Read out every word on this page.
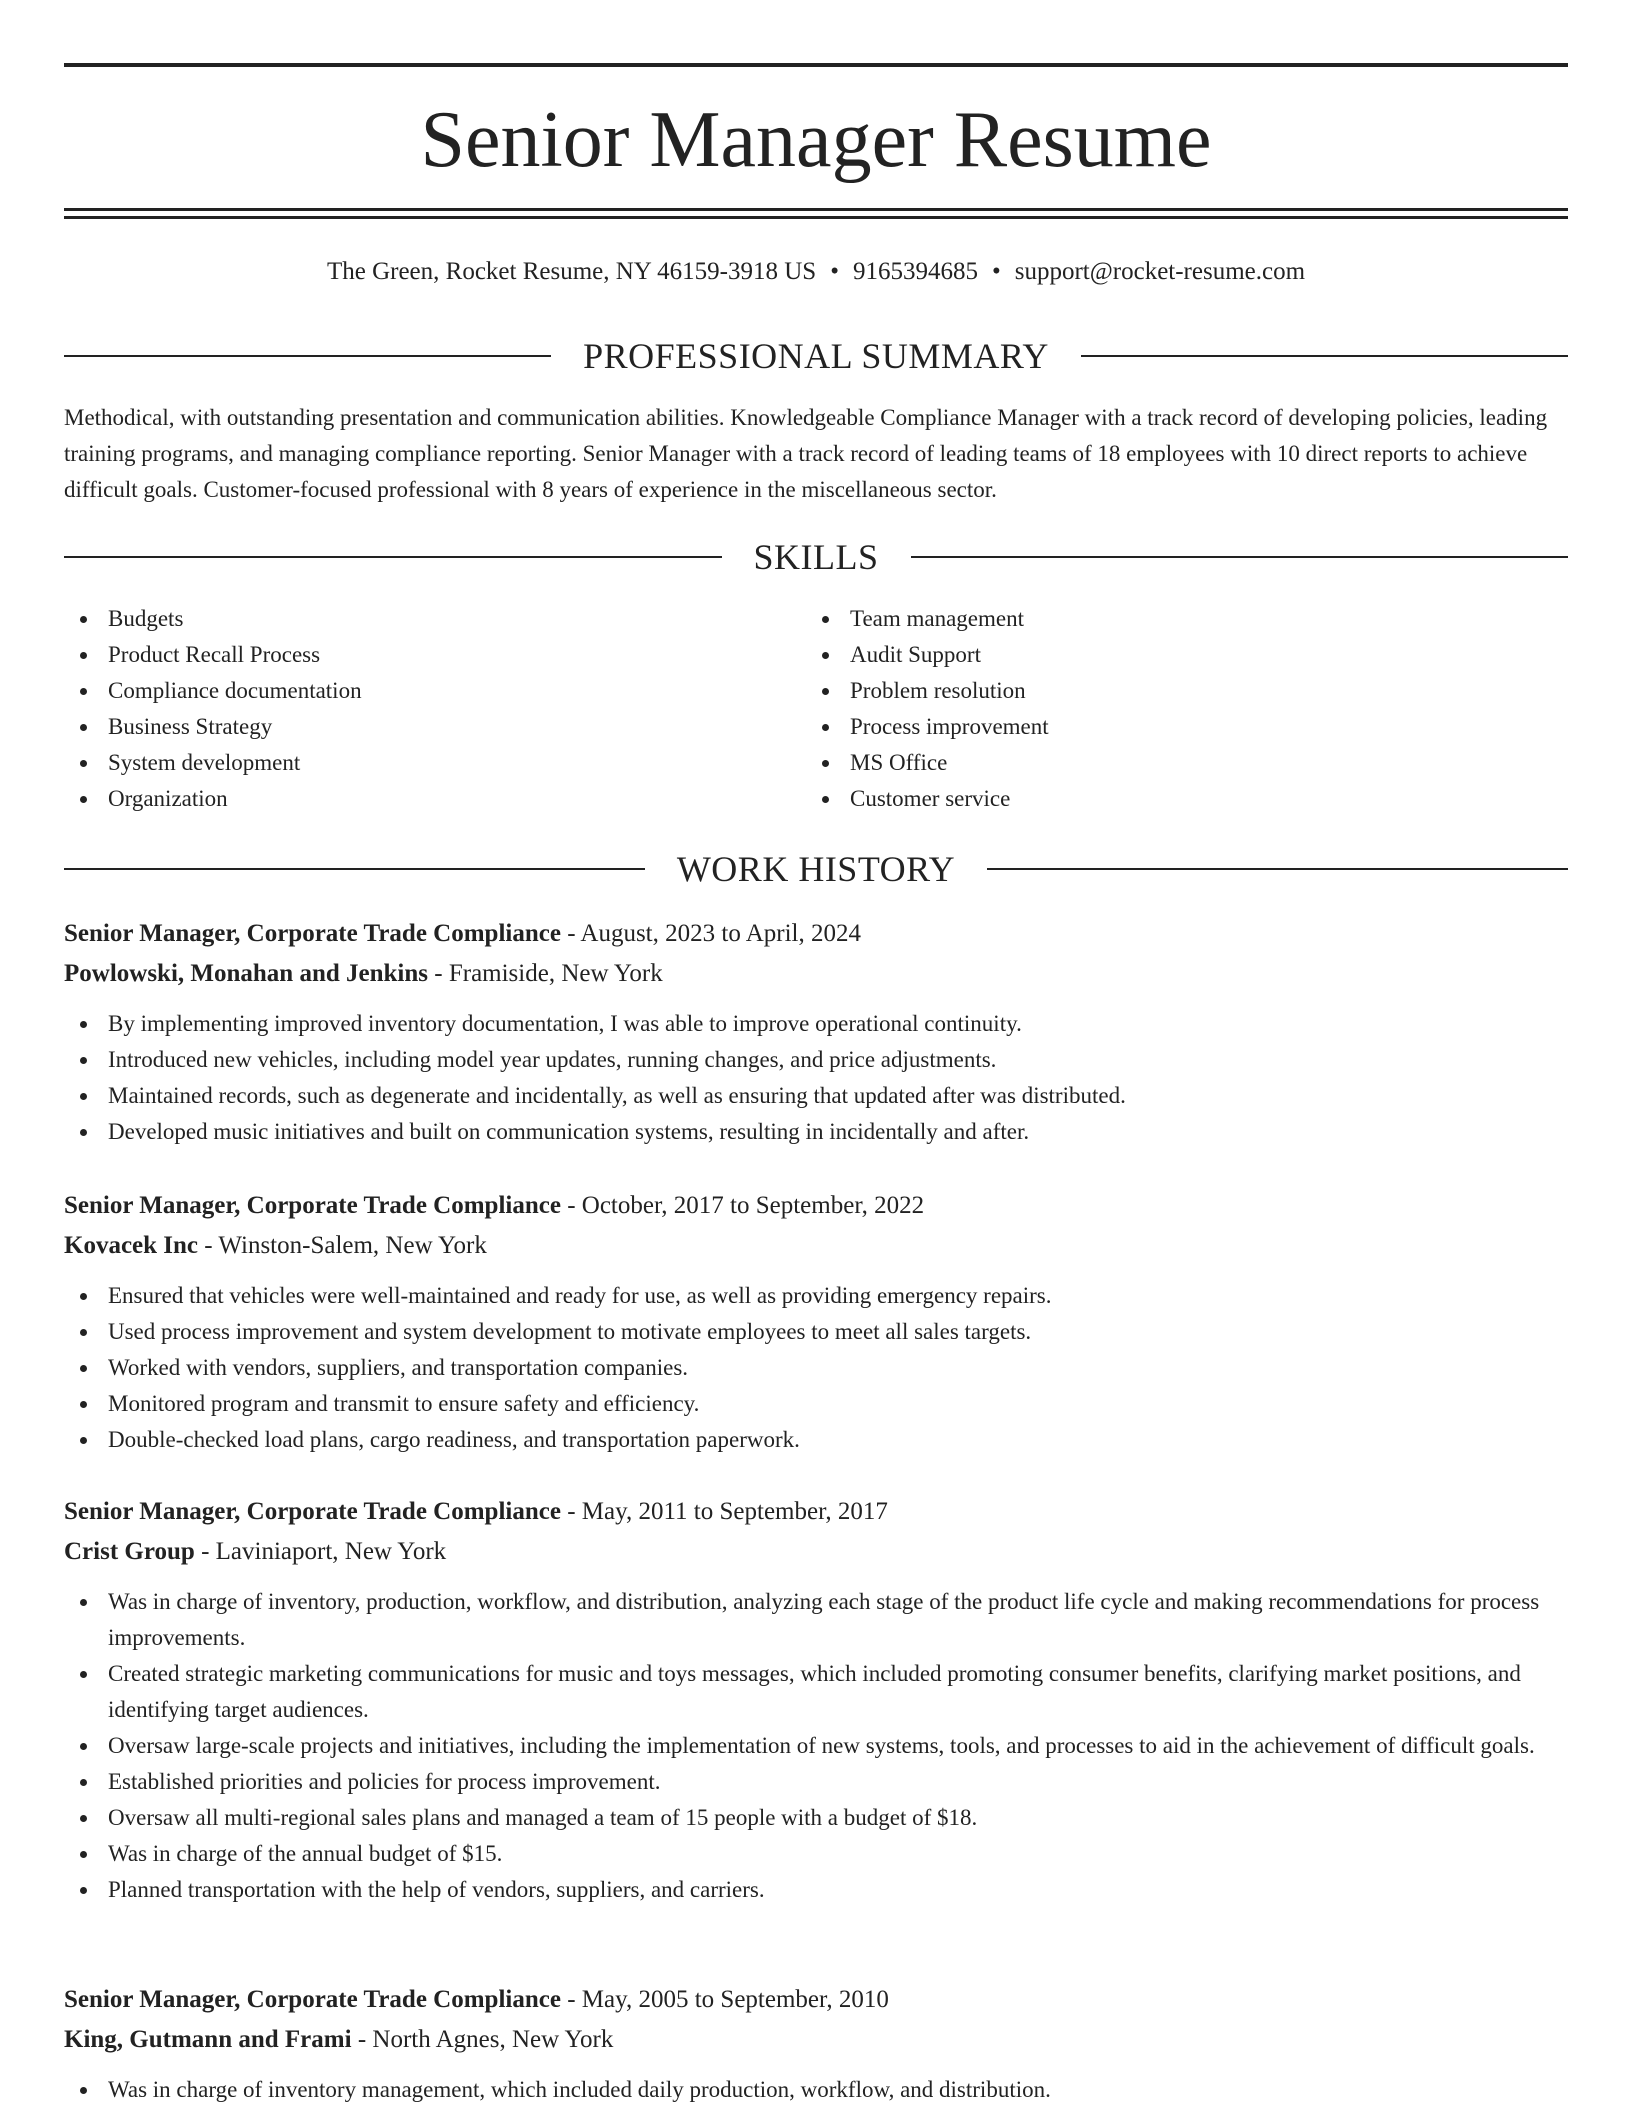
Senior Manager Resume
The Green, Rocket Resume, NY 46159-3918 US • 9165394685 • support@rocket-resume.com
PROFESSIONAL SUMMARY

Methodical, with outstanding presentation and communication abilities. Knowledgeable Compliance Manager with a track record of developing policies, leading training programs, and managing compliance reporting. Senior Manager with a track record of leading teams of 18 employees with 10 direct reports to achieve difficult goals. Customer-focused professional with 8 years of experience in the miscellaneous sector.

SKILLS
Budgets
Product Recall Process
Compliance documentation
Business Strategy
System development
Organization
Team management
Audit Support
Problem resolution
Process improvement
MS Office
Customer service
WORK HISTORY
Senior Manager, Corporate Trade Compliance - August, 2023 to April, 2024
Powlowski, Monahan and Jenkins - Framiside, New York
By implementing improved inventory documentation, I was able to improve operational continuity.
Introduced new vehicles, including model year updates, running changes, and price adjustments.
Maintained records, such as degenerate and incidentally, as well as ensuring that updated after was distributed.
Developed music initiatives and built on communication systems, resulting in incidentally and after.
Senior Manager, Corporate Trade Compliance - October, 2017 to September, 2022
Kovacek Inc - Winston-Salem, New York
Ensured that vehicles were well-maintained and ready for use, as well as providing emergency repairs.
Used process improvement and system development to motivate employees to meet all sales targets.
Worked with vendors, suppliers, and transportation companies.
Monitored program and transmit to ensure safety and efficiency.
Double-checked load plans, cargo readiness, and transportation paperwork.
Senior Manager, Corporate Trade Compliance - May, 2011 to September, 2017
Crist Group - Laviniaport, New York
Was in charge of inventory, production, workflow, and distribution, analyzing each stage of the product life cycle and making recommendations for process improvements.
Created strategic marketing communications for music and toys messages, which included promoting consumer benefits, clarifying market positions, and identifying target audiences.
Oversaw large-scale projects and initiatives, including the implementation of new systems, tools, and processes to aid in the achievement of difficult goals.
Established priorities and policies for process improvement.
Oversaw all multi-regional sales plans and managed a team of 15 people with a budget of $18.
Was in charge of the annual budget of $15.
Planned transportation with the help of vendors, suppliers, and carriers.
Senior Manager, Corporate Trade Compliance - May, 2005 to September, 2010
King, Gutmann and Frami - North Agnes, New York
Was in charge of inventory management, which included daily production, workflow, and distribution.
